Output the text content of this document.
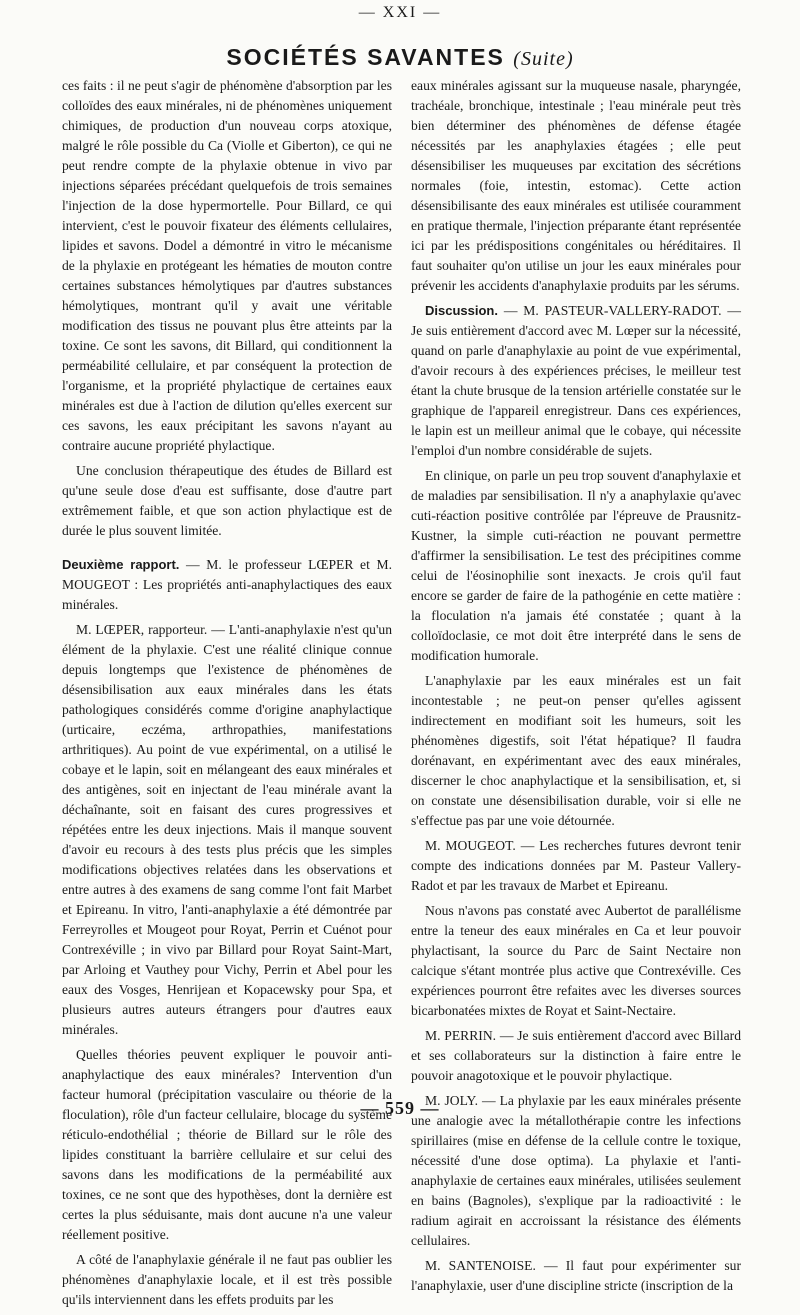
— XXI —
SOCIÉTÉS SAVANTES (Suite)

ces faits : il ne peut s'agir de phénomène d'absorption par les colloïdes des eaux minérales, ni de phénomènes uniquement chimiques, de production d'un nouveau corps atoxique, malgré le rôle possible du Ca (Violle et Giberton), ce qui ne peut rendre compte de la phylaxie obtenue in vivo par injections séparées précédant quelquefois de trois semaines l'injection de la dose hypermortelle. Pour Billard, ce qui intervient, c'est le pouvoir fixateur des éléments cellulaires, lipides et savons. Dodel a démontré in vitro le mécanisme de la phylaxie en protégeant les hématies de mouton contre certaines substances hémolytiques par d'autres substances hémolytiques, montrant qu'il y avait une véritable modification des tissus ne pouvant plus être atteints par la toxine. Ce sont les savons, dit Billard, qui conditionnent la perméabilité cellulaire, et par conséquent la protection de l'organisme, et la propriété phylactique de certaines eaux minérales est due à l'action de dilution qu'elles exercent sur ces savons, les eaux précipitant les savons n'ayant au contraire aucune propriété phylactique.

Une conclusion thérapeutique des études de Billard est qu'une seule dose d'eau est suffisante, dose d'autre part extrêmement faible, et que son action phylactique est de durée le plus souvent limitée.

Deuxième rapport. — M. le professeur LŒPER et M. MOUGEOT : Les propriétés anti-anaphylactiques des eaux minérales.

M. LŒPER, rapporteur. — L'anti-anaphylaxie n'est qu'un élément de la phylaxie. C'est une réalité clinique connue depuis longtemps que l'existence de phénomènes de désensibilisation aux eaux minérales dans les états pathologiques considérés comme d'origine anaphylactique (urticaire, eczéma, arthropathies, manifestations arthritiques). Au point de vue expérimental, on a utilisé le cobaye et le lapin, soit en mélangeant des eaux minérales et des antigènes, soit en injectant de l'eau minérale avant la déchaînante, soit en faisant des cures progressives et répétées entre les deux injections. Mais il manque souvent d'avoir eu recours à des tests plus précis que les simples modifications objectives relatées dans les observations et entre autres à des examens de sang comme l'ont fait Marbet et Epireanu. In vitro, l'anti-anaphylaxie a été démontrée par Ferreyrolles et Mougeot pour Royat, Perrin et Cuénot pour Contrexéville ; in vivo par Billard pour Royat Saint-Mart, par Arloing et Vauthey pour Vichy, Perrin et Abel pour les eaux des Vosges, Henrijean et Kopacewsky pour Spa, et plusieurs autres auteurs étrangers pour d'autres eaux minérales.

Quelles théories peuvent expliquer le pouvoir anti-anaphylactique des eaux minérales? Intervention d'un facteur humoral (précipitation vasculaire ou théorie de la floculation), rôle d'un facteur cellulaire, blocage du système réticulo-endothélial ; théorie de Billard sur le rôle des lipides constituant la barrière cellulaire et sur celui des savons dans les modifications de la perméabilité aux toxines, ce ne sont que des hypothèses, dont la dernière est certes la plus séduisante, mais dont aucune n'a une valeur réellement positive.

A côté de l'anaphylaxie générale il ne faut pas oublier les phénomènes d'anaphylaxie locale, et il est très possible qu'ils interviennent dans les effets produits par les

eaux minérales agissant sur la muqueuse nasale, pharyngée, trachéale, bronchique, intestinale ; l'eau minérale peut très bien déterminer des phénomènes de défense étagée nécessités par les anaphylaxies étagées ; elle peut désensibiliser les muqueuses par excitation des sécrétions normales (foie, intestin, estomac). Cette action désensibilisante des eaux minérales est utilisée couramment en pratique thermale, l'injection préparante étant représentée ici par les prédispositions congénitales ou héréditaires. Il faut souhaiter qu'on utilise un jour les eaux minérales pour prévenir les accidents d'anaphylaxie produits par les sérums.

Discussion. — M. PASTEUR-VALLERY-RADOT. — Je suis entièrement d'accord avec M. Lœper sur la nécessité, quand on parle d'anaphylaxie au point de vue expérimental, d'avoir recours à des expériences précises, le meilleur test étant la chute brusque de la tension artérielle constatée sur le graphique de l'appareil enregistreur. Dans ces expériences, le lapin est un meilleur animal que le cobaye, qui nécessite l'emploi d'un nombre considérable de sujets.

En clinique, on parle un peu trop souvent d'anaphylaxie et de maladies par sensibilisation. Il n'y a anaphylaxie qu'avec cuti-réaction positive contrôlée par l'épreuve de Prausnitz-Kustner, la simple cuti-réaction ne pouvant permettre d'affirmer la sensibilisation. Le test des précipitines comme celui de l'éosinophilie sont inexacts. Je crois qu'il faut encore se garder de faire de la pathogénie en cette matière : la floculation n'a jamais été constatée ; quant à la colloïdoclasie, ce mot doit être interprété dans le sens de modification humorale.

L'anaphylaxie par les eaux minérales est un fait incontestable ; ne peut-on penser qu'elles agissent indirectement en modifiant soit les humeurs, soit les phénomènes digestifs, soit l'état hépatique? Il faudra dorénavant, en expérimentant avec des eaux minérales, discerner le choc anaphylactique et la sensibilisation, et, si on constate une désensibilisation durable, voir si elle ne s'effectue pas par une voie détournée.

M. MOUGEOT. — Les recherches futures devront tenir compte des indications données par M. Pasteur Vallery-Radot et par les travaux de Marbet et Epireanu.

Nous n'avons pas constaté avec Aubertot de parallélisme entre la teneur des eaux minérales en Ca et leur pouvoir phylactisant, la source du Parc de Saint Nectaire non calcique s'étant montrée plus active que Contrexéville. Ces expériences pourront être refaites avec les diverses sources bicarbonatées mixtes de Royat et Saint-Nectaire.

M. PERRIN. — Je suis entièrement d'accord avec Billard et ses collaborateurs sur la distinction à faire entre le pouvoir anagotoxique et le pouvoir phylactique.

M. JOLY. — La phylaxie par les eaux minérales présente une analogie avec la métallothérapie contre les infections spirillaires (mise en défense de la cellule contre le toxique, nécessité d'une dose optima). La phylaxie et l'anti-anaphylaxie de certaines eaux minérales, utilisées seulement en bains (Bagnoles), s'explique par la radioactivité : le radium agirait en accroissant la résistance des éléments cellulaires.

M. SANTENOISE. — Il faut pour expérimenter sur l'anaphylaxie, user d'une discipline stricte (inscription de la

— 559 —
